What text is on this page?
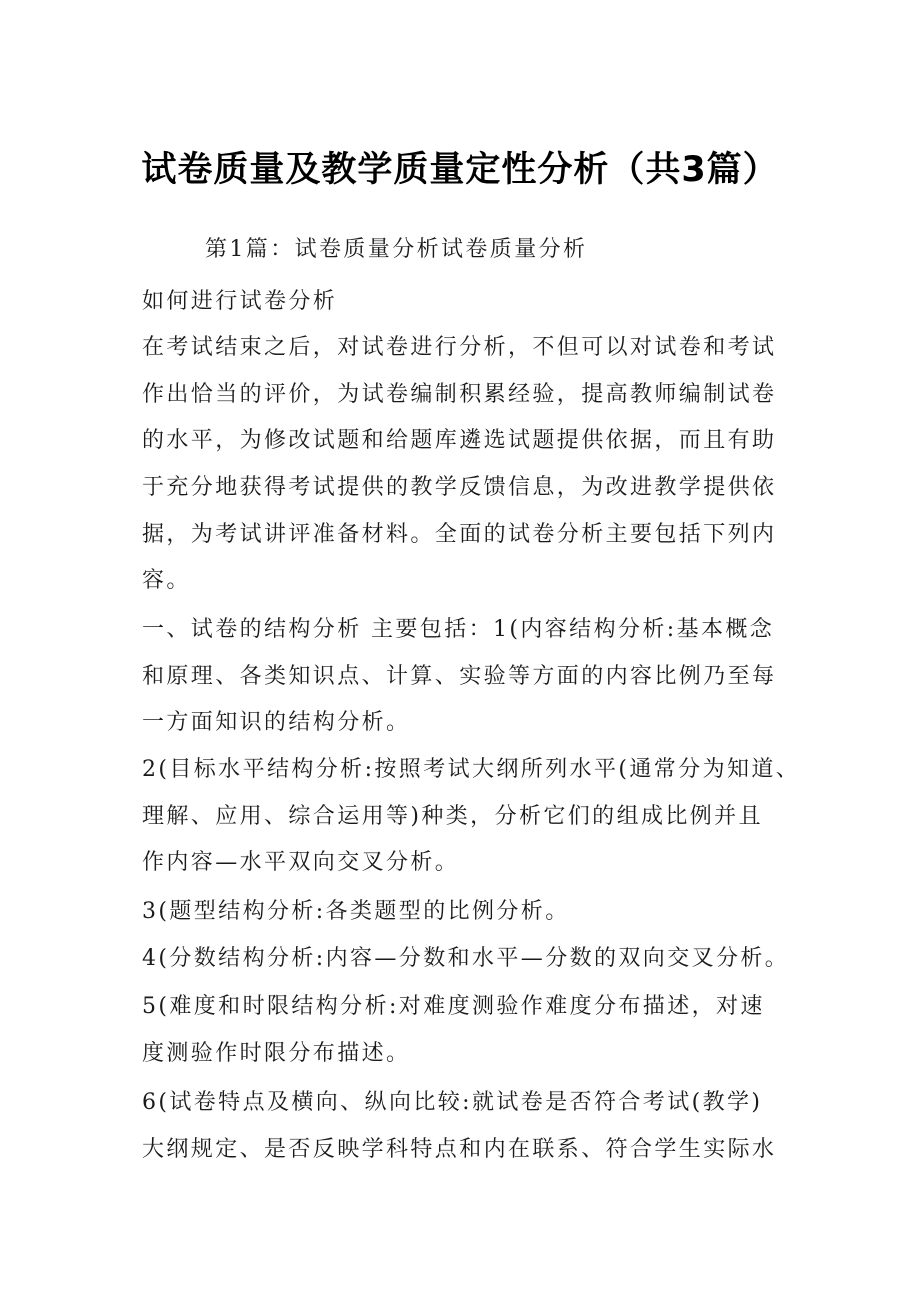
试卷质量及教学质量定性分析（共3篇）
第1篇：试卷质量分析试卷质量分析
如何进行试卷分析
在考试结束之后，对试卷进行分析，不但可以对试卷和考试
作出恰当的评价，为试卷编制积累经验，提高教师编制试卷
的水平，为修改试题和给题库遴选试题提供依据，而且有助
于充分地获得考试提供的教学反馈信息，为改进教学提供依
据，为考试讲评准备材料。全面的试卷分析主要包括下列内
容。
一、试卷的结构分析 主要包括：1(内容结构分析:基本概念
和原理、各类知识点、计算、实验等方面的内容比例乃至每
一方面知识的结构分析。
2(目标水平结构分析:按照考试大纲所列水平(通常分为知道、
理解、应用、综合运用等)种类，分析它们的组成比例并且
作内容—水平双向交叉分析。
3(题型结构分析:各类题型的比例分析。
4(分数结构分析:内容—分数和水平—分数的双向交叉分析。
5(难度和时限结构分析:对难度测验作难度分布描述，对速
度测验作时限分布描述。
6(试卷特点及横向、纵向比较:就试卷是否符合考试(教学)
大纲规定、是否反映学科特点和内在联系、符合学生实际水
